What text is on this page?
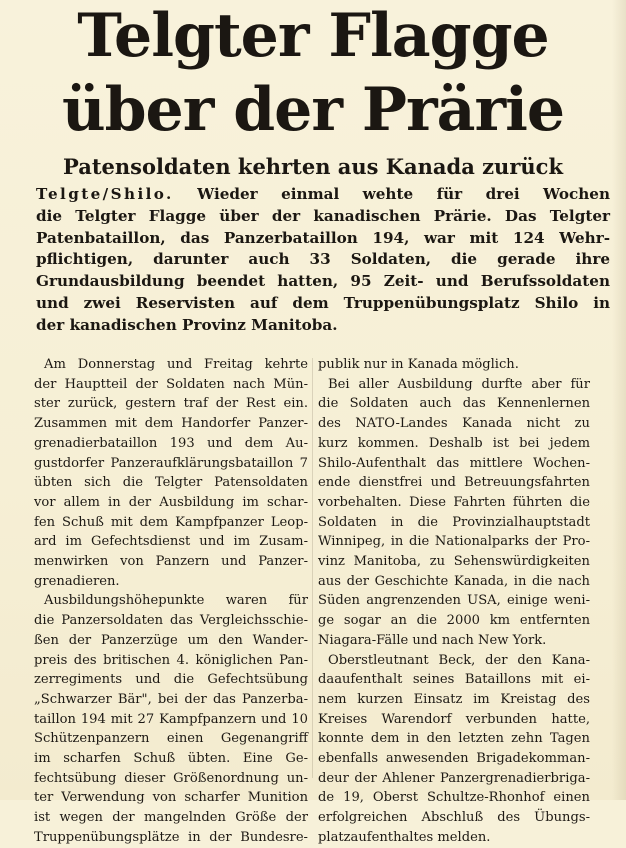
Telgter Flagge
über der Prärie
Patensoldaten kehrten aus Kanada zurück
Telgte/Shilo. Wieder einmal wehte für drei Wochen
die Telgter Flagge über der kanadischen Prärie. Das Telgter
Patenbataillon, das Panzerbataillon 194, war mit 124 Wehr-
pflichtigen, darunter auch 33 Soldaten, die gerade ihre
Grundausbildung beendet hatten, 95 Zeit- und Berufssoldaten
und zwei Reservisten auf dem Truppenübungsplatz Shilo in
der kanadischen Provinz Manitoba.
Am Donnerstag und Freitag kehrte
der Hauptteil der Soldaten nach Mün-
ster zurück, gestern traf der Rest ein.
Zusammen mit dem Handorfer Panzer-
grenadierbataillon 193 und dem Au-
gustdorfer Panzeraufklärungsbataillon 7
übten sich die Telgter Patensoldaten
vor allem in der Ausbildung im schar-
fen Schuß mit dem Kampfpanzer Leop-
ard im Gefechtsdienst und im Zusam-
menwirken von Panzern und Panzer-
grenadieren.
Ausbildungshöhepunkte waren für
die Panzersoldaten das Vergleichsschie-
ßen der Panzerzüge um den Wander-
preis des britischen 4. königlichen Pan-
zerregiments und die Gefechtsübung
„Schwarzer Bär", bei der das Panzerba-
taillon 194 mit 27 Kampfpanzern und 10
Schützenpanzern einen Gegenangriff
im scharfen Schuß übten. Eine Ge-
fechtsübung dieser Größenordnung un-
ter Verwendung von scharfer Munition
ist wegen der mangelnden Größe der
Truppenübungsplätze in der Bundesre-
publik nur in Kanada möglich.
Bei aller Ausbildung durfte aber für
die Soldaten auch das Kennenlernen
des NATO-Landes Kanada nicht zu
kurz kommen. Deshalb ist bei jedem
Shilo-Aufenthalt das mittlere Wochen-
ende dienstfrei und Betreuungsfahrten
vorbehalten. Diese Fahrten führten die
Soldaten in die Provinzialhauptstadt
Winnipeg, in die Nationalparks der Pro-
vinz Manitoba, zu Sehenswürdigkeiten
aus der Geschichte Kanada, in die nach
Süden angrenzenden USA, einige weni-
ge sogar an die 2000 km entfernten
Niagara-Fälle und nach New York.
Oberstleutnant Beck, der den Kana-
daaufenthalt seines Bataillons mit ei-
nem kurzen Einsatz im Kreistag des
Kreises Warendorf verbunden hatte,
konnte dem in den letzten zehn Tagen
ebenfalls anwesenden Brigadekomman-
deur der Ahlener Panzergrenadierbriga-
de 19, Oberst Schultze-Rhonhof einen
erfolgreichen Abschluß des Übungs-
platzaufenthaltes melden.
